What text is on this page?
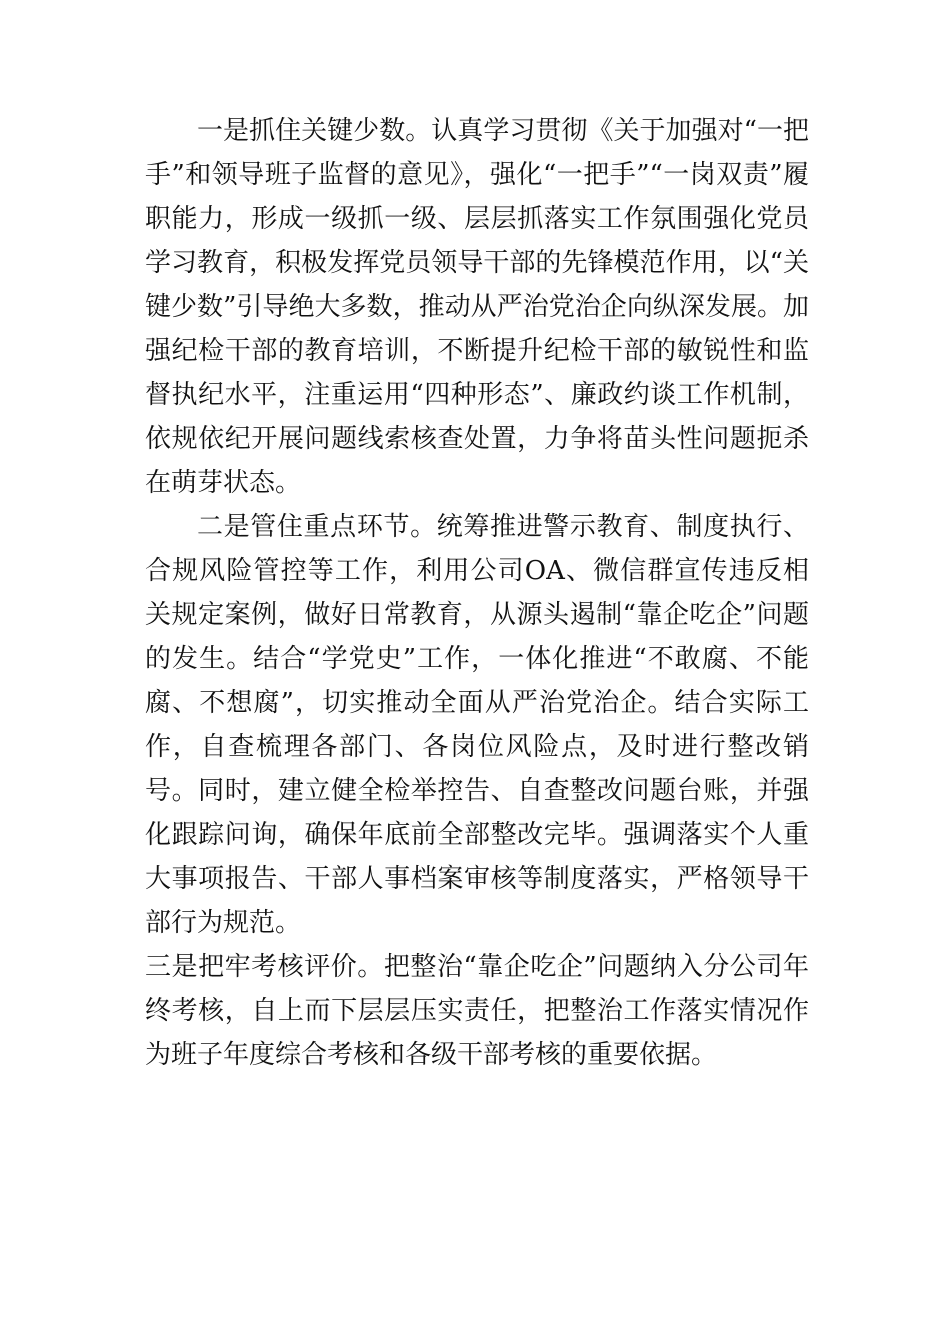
一是抓住关键少数。认真学习贯彻《关于加强对“一把手”和领导班子监督的意见》，强化“一把手”“一岗双责”履职能力，形成一级抓一级、层层抓落实工作氛围强化党员学习教育，积极发挥党员领导干部的先锋模范作用，以“关键少数”引导绝大多数，推动从严治党治企向纵深发展。加强纪检干部的教育培训，不断提升纪检干部的敏锐性和监督执纪水平，注重运用“四种形态”、廉政约谈工作机制，依规依纪开展问题线索核查处置，力争将苗头性问题扼杀在萌芽状态。

二是管住重点环节。统筹推进警示教育、制度执行、合规风险管控等工作，利用公司OA、微信群宣传违反相关规定案例，做好日常教育，从源头遏制“靠企吃企”问题的发生。结合“学党史”工作，一体化推进“不敢腐、不能腐、不想腐”，切实推动全面从严治党治企。结合实际工作，自查梳理各部门、各岗位风险点，及时进行整改销号。同时，建立健全检举控告、自查整改问题台账，并强化跟踪问询，确保年底前全部整改完毕。强调落实个人重大事项报告、干部人事档案审核等制度落实，严格领导干部行为规范。

三是把牢考核评价。把整治“靠企吃企”问题纳入分公司年终考核，自上而下层层压实责任，把整治工作落实情况作为班子年度综合考核和各级干部考核的重要依据。
